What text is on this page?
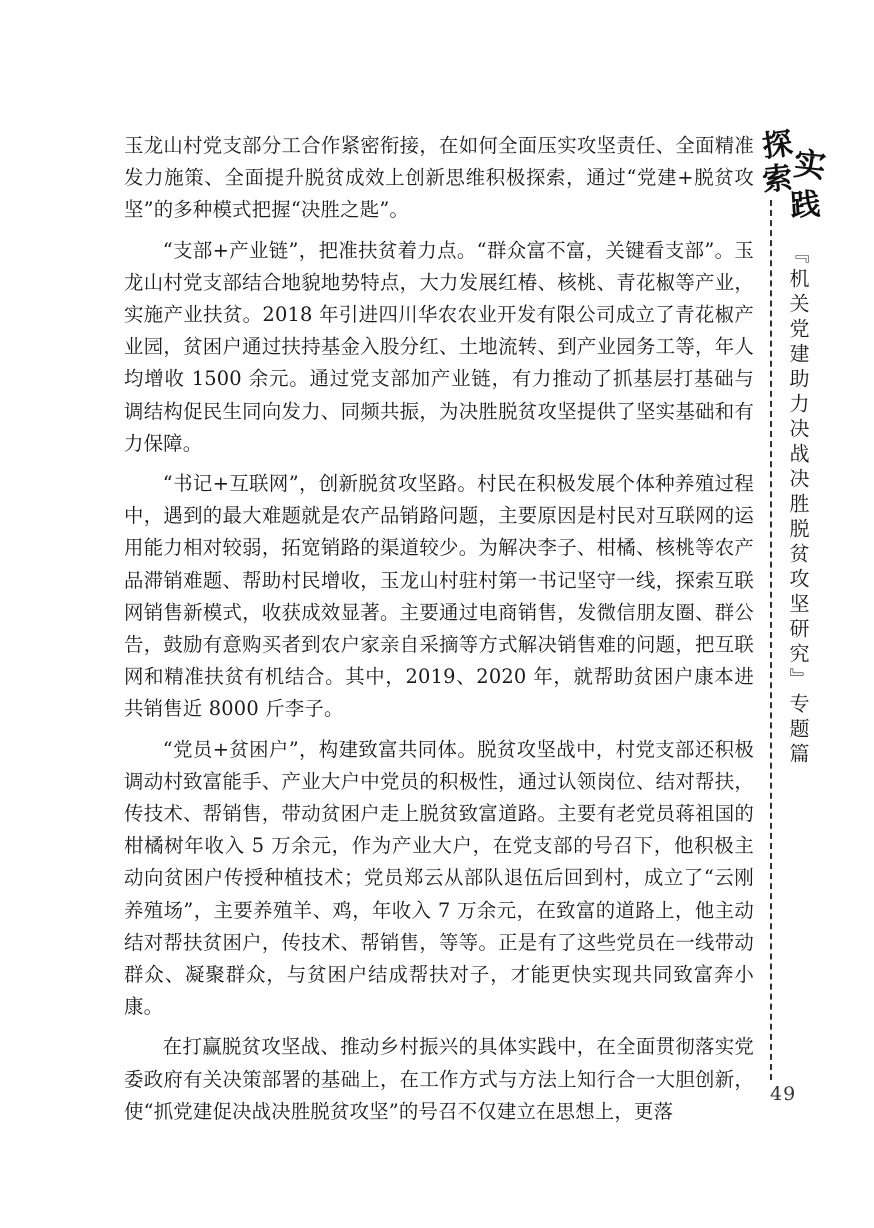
玉龙山村党支部分工合作紧密衔接，在如何全面压实攻坚责任、全面精准发力施策、全面提升脱贫成效上创新思维积极探索，通过“党建+脱贫攻坚”的多种模式把握“决胜之匙”。

“支部+产业链”，把准扶贫着力点。“群众富不富，关键看支部”。玉龙山村党支部结合地貌地势特点，大力发展红椿、核桃、青花椒等产业，实施产业扶贫。2018 年引进四川华农农业开发有限公司成立了青花椒产业园，贫困户通过扶持基金入股分红、土地流转、到产业园务工等，年人均增收 1500 余元。通过党支部加产业链，有力推动了抓基层打基础与调结构促民生同向发力、同频共振，为决胜脱贫攻坚提供了坚实基础和有力保障。

“书记+互联网”，创新脱贫攻坚路。村民在积极发展个体种养殖过程中，遇到的最大难题就是农产品销路问题，主要原因是村民对互联网的运用能力相对较弱，拓宽销路的渠道较少。为解决李子、柑橘、核桃等农产品滞销难题、帮助村民增收，玉龙山村驻村第一书记坚守一线，探索互联网销售新模式，收获成效显著。主要通过电商销售，发微信朋友圈、群公告，鼓励有意购买者到农户家亲自采摘等方式解决销售难的问题，把互联网和精准扶贫有机结合。其中，2019、2020 年，就帮助贫困户康本进共销售近 8000 斤李子。

“党员+贫困户”，构建致富共同体。脱贫攻坚战中，村党支部还积极调动村致富能手、产业大户中党员的积极性，通过认领岗位、结对帮扶，传技术、帮销售，带动贫困户走上脱贫致富道路。主要有老党员蒋祖国的柑橘树年收入 5 万余元，作为产业大户，在党支部的号召下，他积极主动向贫困户传授种植技术；党员郑云从部队退伍后回到村，成立了“云刚养殖场”，主要养殖羊、鸡，年收入 7 万余元，在致富的道路上，他主动结对帮扶贫困户，传技术、帮销售，等等。正是有了这些党员在一线带动群众、凝聚群众，与贫困户结成帮扶对子，才能更快实现共同致富奔小康。

在打赢脱贫攻坚战、推动乡村振兴的具体实践中，在全面贯彻落实党委政府有关决策部署的基础上，在工作方式与方法上知行合一大胆创新，使“抓党建促决战决胜脱贫攻坚”的号召不仅建立在思想上，更落

探
索
实
践
『机关党建助力决战决胜脱贫攻坚研究』专题篇
49
